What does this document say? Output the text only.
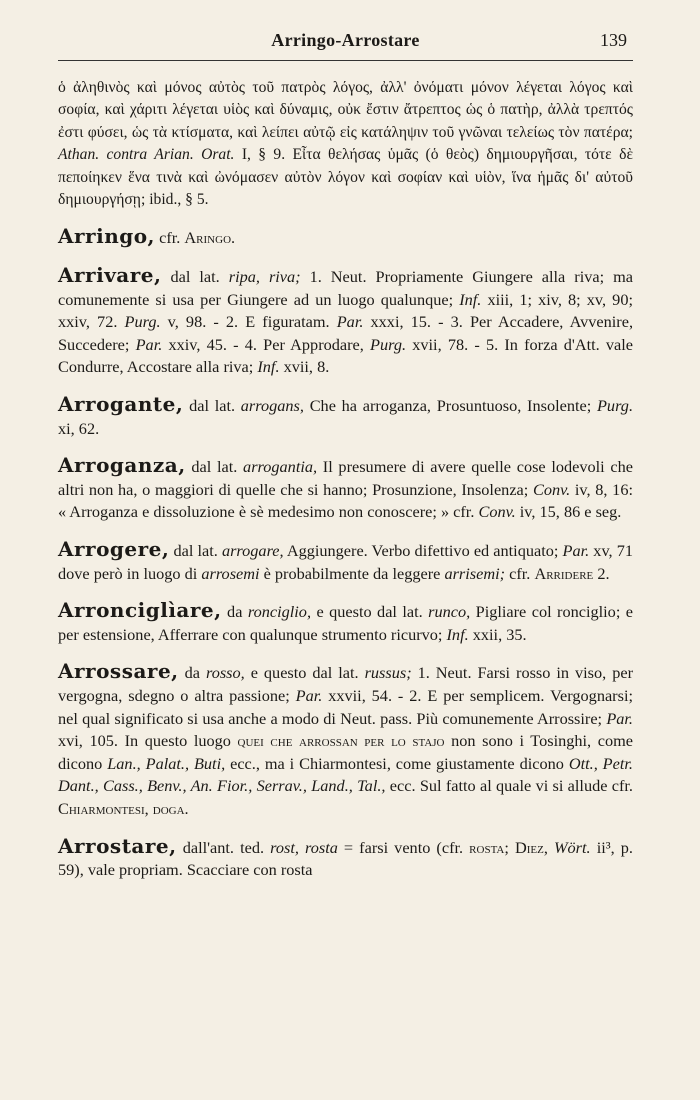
Arringo-Arrostare	139

ὁ ἀληθινὸς καὶ μόνος αὐτὸς τοῦ πατρὸς λόγος, ἀλλ' ὀνόματι μόνον λέγεται λόγος καὶ σοφία, καὶ χάριτι λέγεται υἱὸς καὶ δύναμις, οὐκ ἔστιν ἄτρεπτος ὡς ὁ πατὴρ, ἀλλὰ τρεπτός ἐστι φύσει, ὡς τὰ κτίσματα, καὶ λείπει αὐτῷ εἰς κατάληψιν τοῦ γνῶναι τελείως τὸν πατέρα; Athan. contra Arian. Orat. I, § 9. Εἶτα θελήσας ὑμᾶς (ὁ θεὸς) δημιουργῆσαι, τότε δὲ πεποίηκεν ἕνα τινὰ καὶ ὠνόμασεν αὐτὸν λόγον καὶ σοφίαν καὶ υἱὸν, ἵνα ἡμᾶς δι' αὐτοῦ δημιουργήσῃ; ibid., § 5.

Arringo, cfr. Aringo.

Arrivare, dal lat. ripa, riva; 1. Neut. Propriamente Giungere alla riva; ma comunemente si usa per Giungere ad un luogo qualunque; Inf. xiii, 1; xiv, 8; xv, 90; xxiv, 72. Purg. v, 98. - 2. E figuratam. Par. xxxi, 15. - 3. Per Accadere, Avvenire, Succedere; Par. xxiv, 45. - 4. Per Approdare, Purg. xvii, 78. - 5. In forza d'Att. vale Condurre, Accostare alla riva; Inf. xvii, 8.

Arrogante, dal lat. arrogans, Che ha arroganza, Prosuntuoso, Insolente; Purg. xi, 62.

Arroganza, dal lat. arrogantia, Il presumere di avere quelle cose lodevoli che altri non ha, o maggiori di quelle che si hanno; Prosunzione, Insolenza; Conv. iv, 8, 16: « Arroganza e dissoluzione è sè medesimo non conoscere; » cfr. Conv. iv, 15, 86 e seg.

Arrogere, dal lat. arrogare, Aggiungere. Verbo difettivo ed antiquato; Par. xv, 71 dove però in luogo di arrosemi è probabilmente da leggere arrisemi; cfr. Arridere 2.

Arronciglìare, da ronciglio, e questo dal lat. runco, Pigliare col ronciglio; e per estensione, Afferrare con qualunque strumento ricurvo; Inf. xxii, 35.

Arrossare, da rosso, e questo dal lat. russus; 1. Neut. Farsi rosso in viso, per vergogna, sdegno o altra passione; Par. xxvii, 54. - 2. E per semplicem. Vergognarsi; nel qual significato si usa anche a modo di Neut. pass. Più comunemente Arrossire; Par. xvi, 105. In questo luogo quei che arrossan per lo stajo non sono i Tosinghi, come dicono Lan., Palat., Buti, ecc., ma i Chiarmontesi, come giustamente dicono Ott., Petr. Dant., Cass., Benv., An. Fior., Serrav., Land., Tal., ecc. Sul fatto al quale vi si allude cfr. Chiarmontesi, doga.

Arrostare, dall'ant. ted. rost, rosta = farsi vento (cfr. rosta; Diez, Wört. ii³, p. 59), vale propriam. Scacciare con rosta
